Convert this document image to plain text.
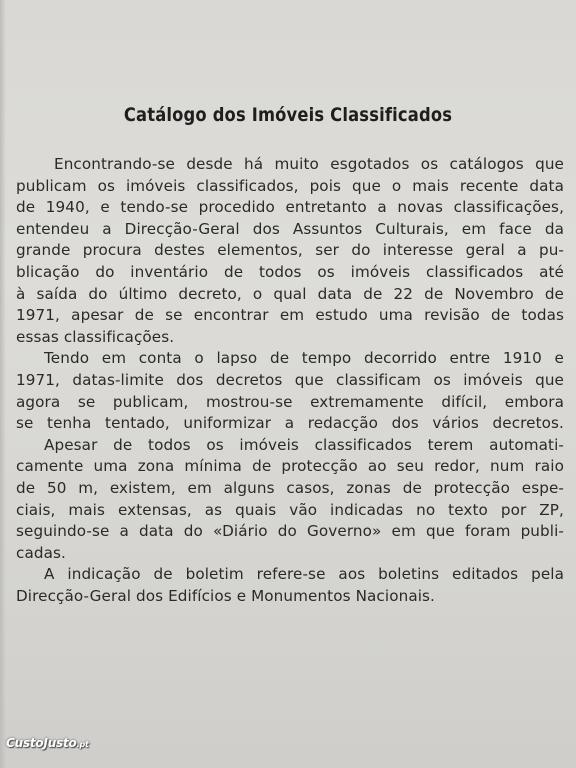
Catálogo dos Imóveis Classificados
Encontrando-se desde há muito esgotados os catálogos que
publicam os imóveis classificados, pois que o mais recente data
de 1940, e tendo-se procedido entretanto a novas classificações,
entendeu a Direcção-Geral dos Assuntos Culturais, em face da
grande procura destes elementos, ser do interesse geral a pu-
blicação do inventário de todos os imóveis classificados até
à saída do último decreto, o qual data de 22 de Novembro de
1971, apesar de se encontrar em estudo uma revisão de todas
essas classificações.
Tendo em conta o lapso de tempo decorrido entre 1910 e
1971, datas-limite dos decretos que classificam os imóveis que
agora se publicam, mostrou-se extremamente difícil, embora
se tenha tentado, uniformizar a redacção dos vários decretos.
Apesar de todos os imóveis classificados terem automati-
camente uma zona mínima de protecção ao seu redor, num raio
de 50 m, existem, em alguns casos, zonas de protecção espe-
ciais, mais extensas, as quais vão indicadas no texto por ZP,
seguindo-se a data do «Diário do Governo» em que foram publi-
cadas.
A indicação de boletim refere-se aos boletins editados pela
Direcção-Geral dos Edifícios e Monumentos Nacionais.
CustoJusto.pt
